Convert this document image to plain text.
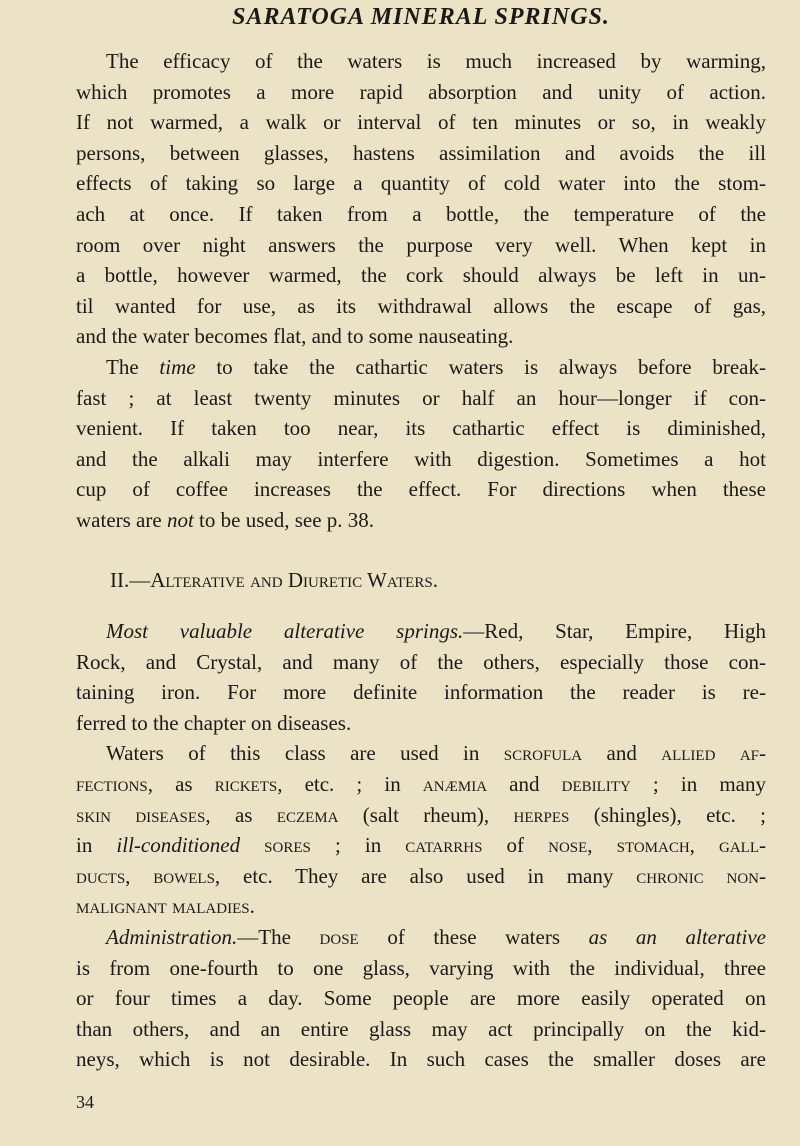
SARATOGA MINERAL SPRINGS.
The efficacy of the waters is much increased by warming,
which promotes a more rapid absorption and unity of action.
If not warmed, a walk or interval of ten minutes or so, in weakly
persons, between glasses, hastens assimilation and avoids the ill
effects of taking so large a quantity of cold water into the stom-
ach at once. If taken from a bottle, the temperature of the
room over night answers the purpose very well. When kept in
a bottle, however warmed, the cork should always be left in un-
til wanted for use, as its withdrawal allows the escape of gas,
and the water becomes flat, and to some nauseating.
The time to take the cathartic waters is always before break-
fast ; at least twenty minutes or half an hour—longer if con-
venient. If taken too near, its cathartic effect is diminished,
and the alkali may interfere with digestion. Sometimes a hot
cup of coffee increases the effect. For directions when these
waters are not to be used, see p. 38.
II.—Alterative and Diuretic Waters.
Most valuable alterative springs.—Red, Star, Empire, High
Rock, and Crystal, and many of the others, especially those con-
taining iron. For more definite information the reader is re-
ferred to the chapter on diseases.
Waters of this class are used in scrofula and allied af-
fections, as rickets, etc. ; in anæmia and debility ; in many
skin diseases, as eczema (salt rheum), herpes (shingles), etc. ;
in ill-conditioned sores ; in catarrhs of nose, stomach, gall-
ducts, bowels, etc. They are also used in many chronic non-
malignant maladies.
Administration.—The dose of these waters as an alterative
is from one-fourth to one glass, varying with the individual, three
or four times a day. Some people are more easily operated on
than others, and an entire glass may act principally on the kid-
neys, which is not desirable. In such cases the smaller doses are
34
